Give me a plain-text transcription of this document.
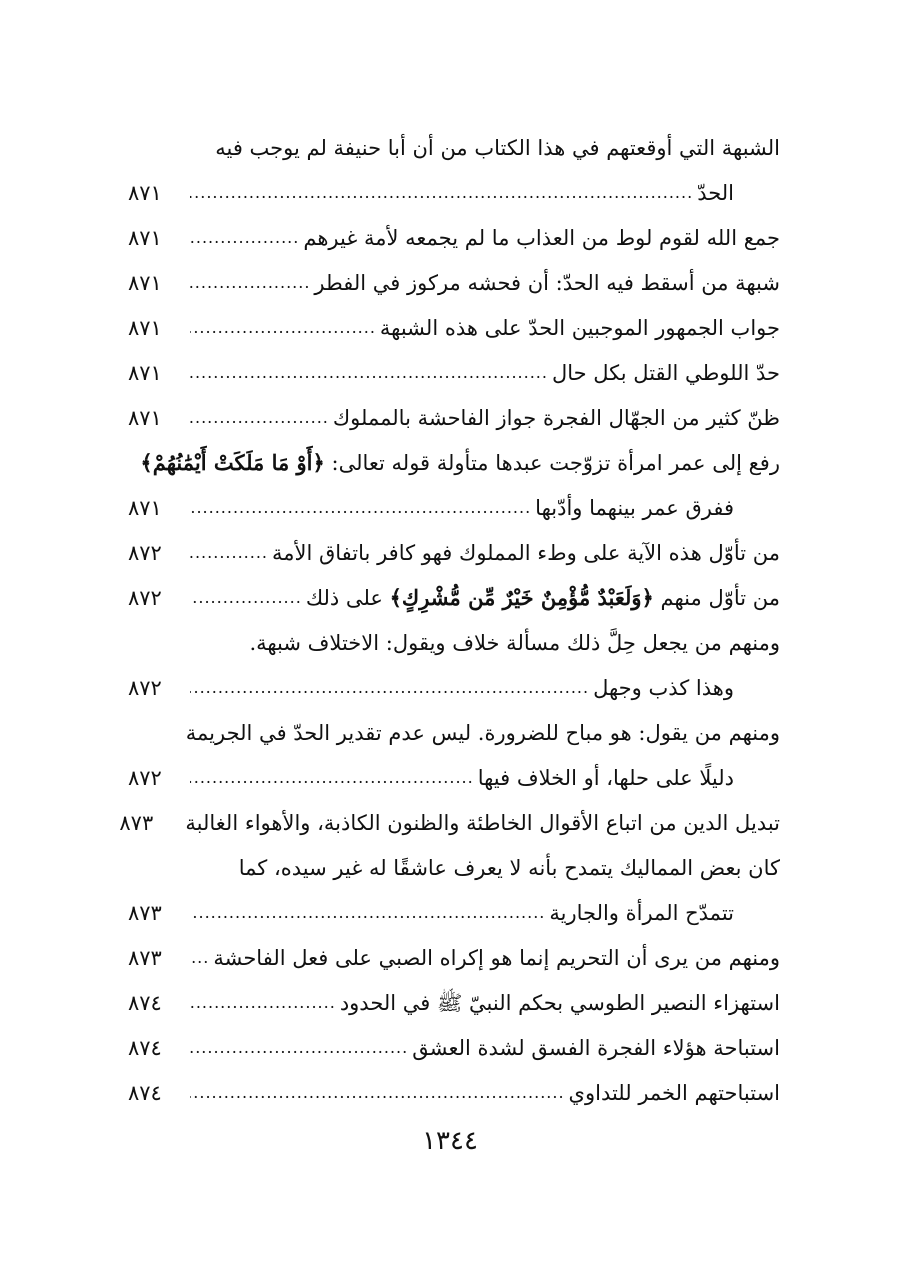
الشبهة التي أوقعتهم في هذا الكتاب من أن أبا حنيفة لم يوجب فيه
الحدّ
.....
٨٧١
جمع الله لقوم لوط من العذاب ما لم يجمعه لأمة غيرهم
.....
٨٧١
شبهة من أسقط فيه الحدّ: أن فحشه مركوز في الفطر
.....
٨٧١
جواب الجمهور الموجبين الحدّ على هذه الشبهة
.....
٨٧١
حدّ اللوطي القتل بكل حال
.....
٨٧١
ظنّ كثير من الجهّال الفجرة جواز الفاحشة بالمملوك
.....
٨٧١
رفع إلى عمر امرأة تزوّجت عبدها متأولة قوله تعالى:

﴿أَوْ مَا مَلَكَتْ أَيْمَٰنُهُمْ﴾
ففرق عمر بينهما وأدّبها
.....
٨٧١
من تأوّل هذه الآية على وطء المملوك فهو كافر باتفاق الأمة
.....
٨٧٢
من تأوّل منهم

﴿وَلَعَبْدٌ مُّؤْمِنٌ خَيْرٌ مِّن مُّشْرِكٍ﴾

على ذلك
.....
٨٧٢
ومنهم من يجعل حِلَّ ذلك مسألة خلاف ويقول: الاختلاف شبهة.
وهذا كذب وجهل
.....
٨٧٢
ومنهم من يقول: هو مباح للضرورة. ليس عدم تقدير الحدّ في الجريمة
دليلًا على حلها، أو الخلاف فيها
.....
٨٧٢
تبديل الدين من اتباع الأقوال الخاطئة والظنون الكاذبة، والأهواء الغالبة
٨٧٣
كان بعض المماليك يتمدح بأنه لا يعرف عاشقًا له غير سيده، كما
تتمدّح المرأة والجارية
.....
٨٧٣
ومنهم من يرى أن التحريم إنما هو إكراه الصبي على فعل الفاحشة
.....
٨٧٣
استهزاء النصير الطوسي بحكم النبيّ ﷺ في الحدود
.....
٨٧٤
استباحة هؤلاء الفجرة الفسق لشدة العشق
.....
٨٧٤
استباحتهم الخمر للتداوي
.....
٨٧٤
١٣٤٤
